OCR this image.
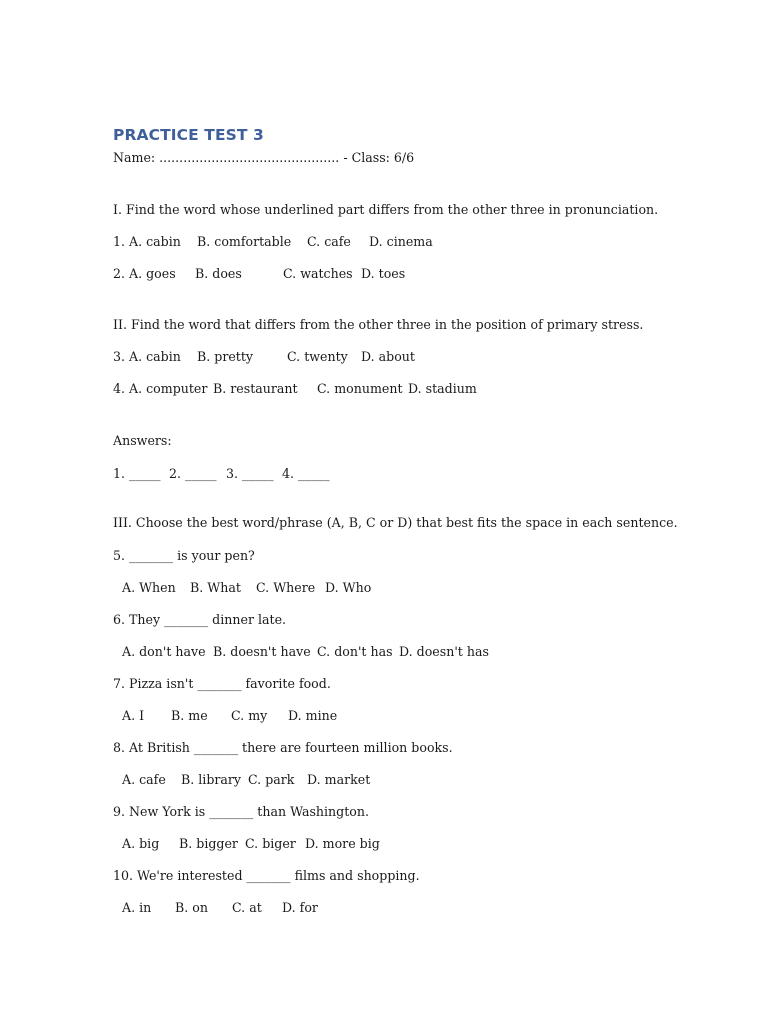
PRACTICE TEST 3
Name: ............................................. - Class: 6/6
I. Find the word whose underlined part differs from the other three in pronunciation.
1. A. cabin B. comfortable C. cafe D. cinema
2. A. goes B. does	C. watches D. toes
II. Find the word that differs from the other three in the position of primary stress.
3. A. cabin B. pretty	C. twenty D. about
4. A. computer B. restaurant C. monument D. stadium
Answers:
1. _____ 2. _____ 3. _____ 4. _____
III. Choose the best word/phrase (A, B, C or D) that best fits the space in each sentence.
5. _______ is your pen?
A. When B. What C. Where D. Who
6. They _______ dinner late.
A. don't have B. doesn't have C. don't has D. doesn't has
7. Pizza isn't _______ favorite food.
A. I B. me C. my D. mine
8. At British _______ there are fourteen million books.
A. cafe B. library C. park D. market
9. New York is _______ than Washington.
A. big B. bigger C. biger D. more big
10. We're interested _______ films and shopping.
A. in B. on C. at D. for
